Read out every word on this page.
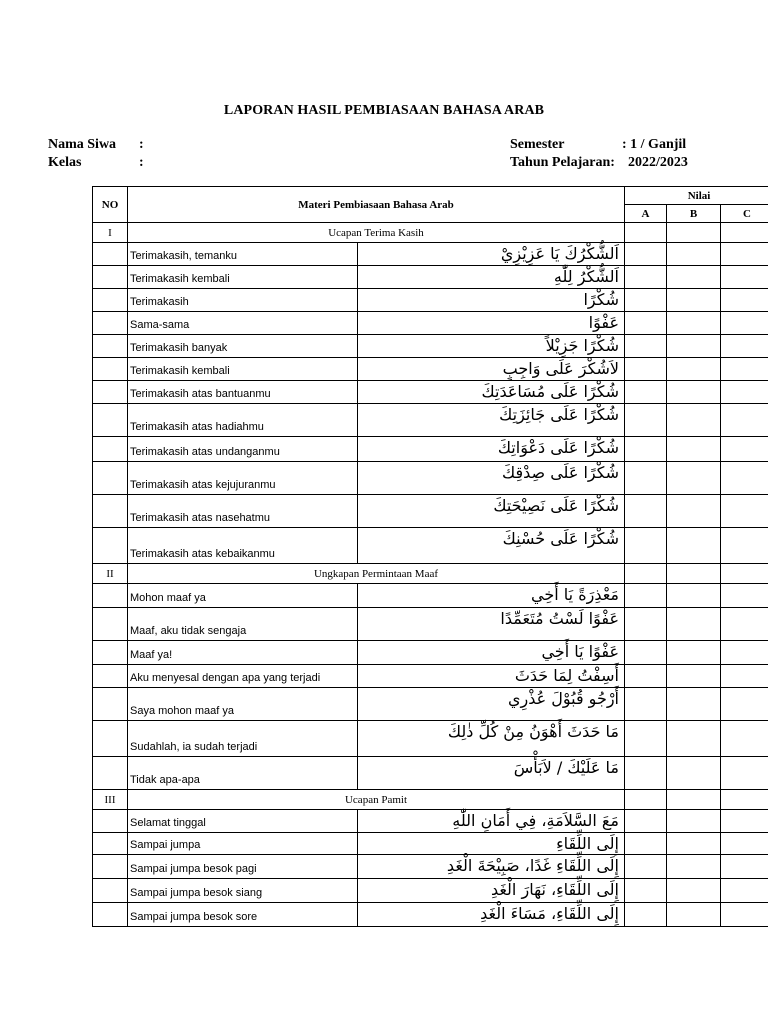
LAPORAN HASIL PEMBIASAAN BAHASA ARAB
Nama Siwa :
Kelas	:
Semester	: 1 / Ganjil
Tahun Pelajaran: 2022/2023
NO	Materi Pembiasaan Bahasa Arab		Nilai		
			A	B	C
I	Ucapan Terima Kasih				
	Terimakasih, temanku	اَلشُّكْرُكَ يَا عَزِيْزِيْ			
	Terimakasih kembali	اَلشُّكْرُ لِلّٰهِ			
	Terimakasih	شُكْرًا			
	Sama-sama	عَفْوًا			
	Terimakasih banyak	شُكْرًا جَزِيْلاً			
	Terimakasih kembali	لاَشُكْرَ عَلَى وَاجِبٍ			
	Terimakasih atas bantuanmu	شُكْرًا عَلَى مُسَاعَدَتِكَ			
	Terimakasih atas hadiahmu	شُكْرًا عَلَى جَائِزَتِكَ			
	Terimakasih atas undanganmu	شُكْرًا عَلَى دَعْوَاتِكَ			
	Terimakasih atas kejujuranmu	شُكْرًا عَلَى صِدْقِكَ			
	Terimakasih atas nasehatmu	شُكْرًا عَلَى نَصِيْحَتِكَ			
	Terimakasih atas kebaikanmu	شُكْرًا عَلَى حُسْنِكَ			
II	Ungkapan Permintaan Maaf				
	Mohon maaf ya	مَعْذِرَةً يَا أَخِي			
	Maaf, aku tidak sengaja	عَفْوًا لَسْتُ مُتَعَمِّدًا			
	Maaf ya!	عَفْوًا يَا أَخِي			
	Aku menyesal dengan apa yang terjadi	أَسِفْتُ لِمَا حَدَثَ			
	Saya mohon maaf ya	أَرْجُو قُبُوْلَ عُذْرِي			
	Sudahlah, ia sudah terjadi	مَا حَدَثَ أَهْوَنُ مِنْ كُلِّ ذٰلِكَ			
	Tidak apa-apa	مَا عَلَيْكَ / لاَبَأْسَ			
III	Ucapan Pamit				
	Selamat tinggal	مَعَ السَّلاَمَةِ، فِي أَمَانِ اللّٰهِ			
	Sampai jumpa	إِلَى اللِّقَاءِ			
	Sampai jumpa besok pagi	إِلَى اللِّقَاءِ غَدًا، صَبِيْحَةَ الْغَدِ			
	Sampai jumpa besok siang	إِلَى اللِّقَاءِ، نَهَارَ الْغَدِ			
	Sampai jumpa besok sore	إِلَى اللِّقَاءِ، مَسَاءَ الْغَدِ			
